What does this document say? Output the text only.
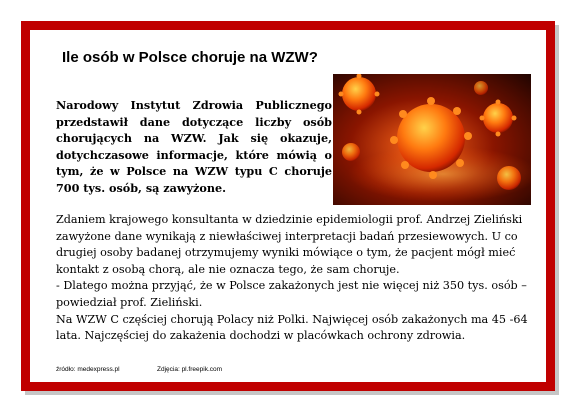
Ile osób w Polsce choruje na WZW?

Narodowy Instytut Zdrowia Publicznego przedstawił dane dotyczące liczby osób chorujących na WZW. Jak się okazuje, dotychczasowe informacje, które mówią o tym, że w Polsce na WZW typu C choruje 700 tys. osób, są zawyżone.

Zdaniem krajowego konsultanta w dziedzinie epidemiologii prof. Andrzej Zieliński zawyżone dane wynikają z niewłaściwej interpretacji badań przesiewowych. U co drugiej osoby badanej otrzymujemy wyniki mówiące o tym, że pacjent mógł mieć kontakt z osobą chorą, ale nie oznacza tego, że sam choruje.

- Dlatego można przyjąć, że w Polsce zakażonych jest nie więcej niż 350 tys. osób – powiedział prof. Zieliński.

Na WZW C częściej chorują Polacy niż Polki. Najwięcej osób zakażonych ma 45 -64 lata. Najczęściej do zakażenia dochodzi w placówkach ochrony zdrowia.

źródło: medexpress.pl	Zdjęcia: pl.freepik.com
